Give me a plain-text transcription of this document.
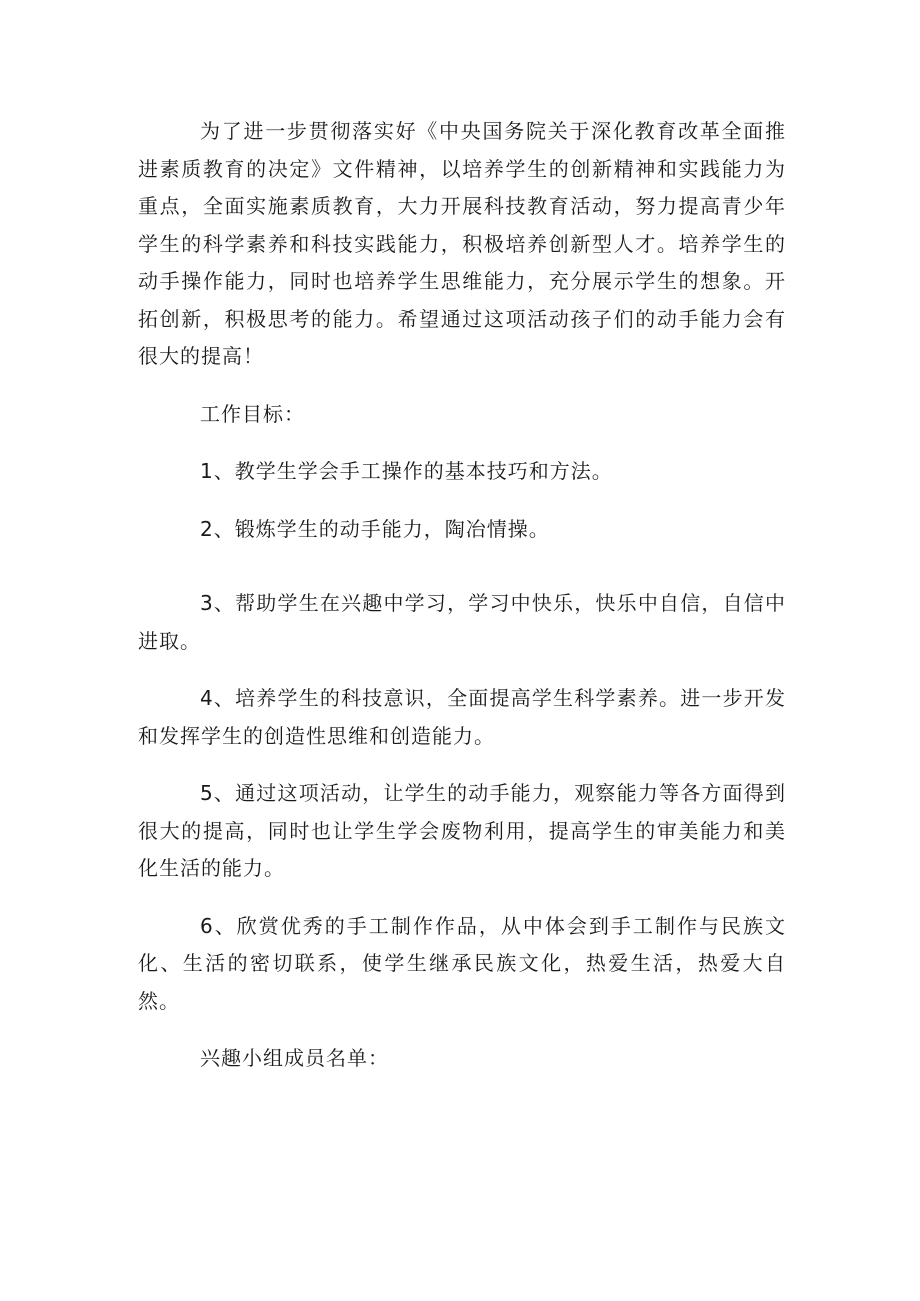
为了进一步贯彻落实好《中央国务院关于深化教育改革全面推进素质教育的决定》文件精神，以培养学生的创新精神和实践能力为重点，全面实施素质教育，大力开展科技教育活动，努力提高青少年学生的科学素养和科技实践能力，积极培养创新型人才。培养学生的动手操作能力，同时也培养学生思维能力，充分展示学生的想象。开拓创新，积极思考的能力。希望通过这项活动孩子们的动手能力会有很大的提高！

工作目标：

1、教学生学会手工操作的基本技巧和方法。

2、锻炼学生的动手能力，陶冶情操。

3、帮助学生在兴趣中学习，学习中快乐，快乐中自信，自信中进取。

4、培养学生的科技意识，全面提高学生科学素养。进一步开发和发挥学生的创造性思维和创造能力。

5、通过这项活动，让学生的动手能力，观察能力等各方面得到很大的提高，同时也让学生学会废物利用，提高学生的审美能力和美化生活的能力。

6、欣赏优秀的手工制作作品，从中体会到手工制作与民族文化、生活的密切联系，使学生继承民族文化，热爱生活，热爱大自然。

兴趣小组成员名单：
